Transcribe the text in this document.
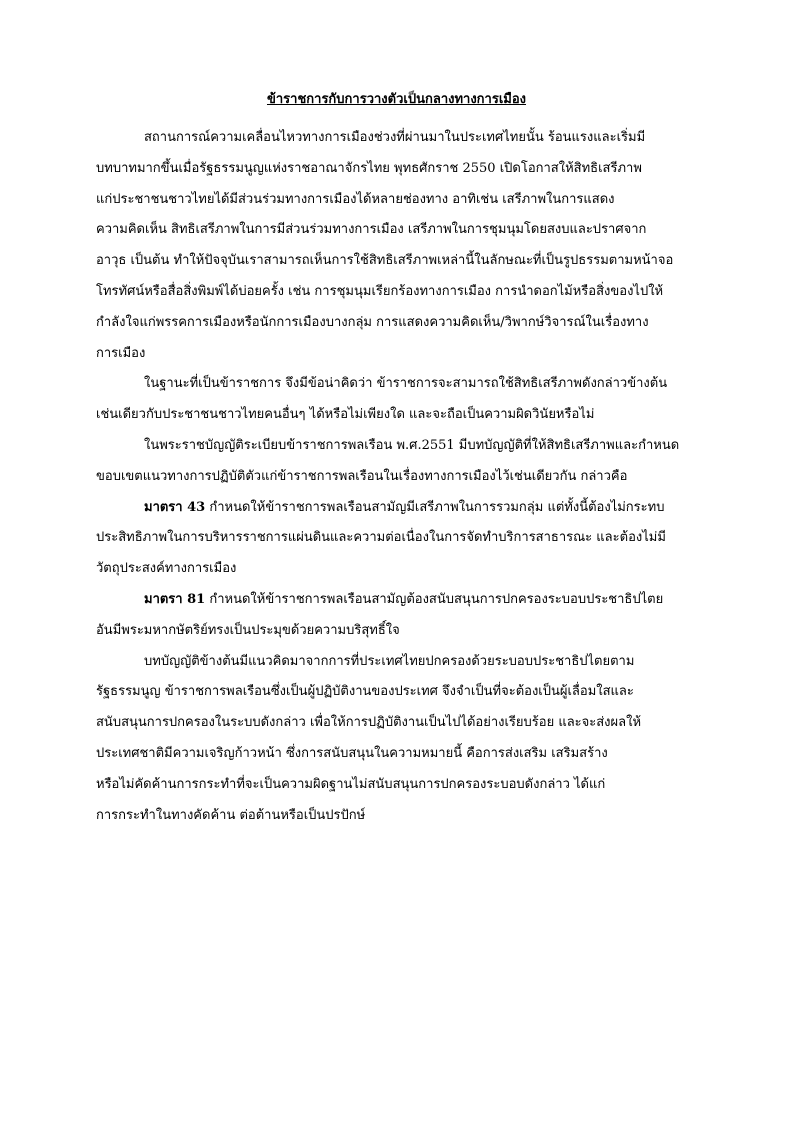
ข้าราชการกับการวางตัวเป็นกลางทางการเมือง
สถานการณ์ความเคลื่อนไหวทางการเมืองช่วงที่ผ่านมาในประเทศไทยนั้น ร้อนแรงและเริ่มมี
บทบาทมากขึ้นเมื่อรัฐธรรมนูญแห่งราชอาณาจักรไทย พุทธศักราช 2550 เปิดโอกาสให้สิทธิเสรีภาพ
แก่ประชาชนชาวไทยได้มีส่วนร่วมทางการเมืองได้หลายช่องทาง อาทิเช่น เสรีภาพในการแสดง
ความคิดเห็น สิทธิเสรีภาพในการมีส่วนร่วมทางการเมือง เสรีภาพในการชุมนุมโดยสงบและปราศจาก
อาวุธ เป็นต้น ทำให้ปัจจุบันเราสามารถเห็นการใช้สิทธิเสรีภาพเหล่านี้ในลักษณะที่เป็นรูปธรรมตามหน้าจอ
โทรทัศน์หรือสื่อสิ่งพิมพ์ได้บ่อยครั้ง เช่น การชุมนุมเรียกร้องทางการเมือง การนำดอกไม้หรือสิ่งของไปให้
กำลังใจแก่พรรคการเมืองหรือนักการเมืองบางกลุ่ม การแสดงความคิดเห็น/วิพากษ์วิจารณ์ในเรื่องทาง
การเมือง
ในฐานะที่เป็นข้าราชการ จึงมีข้อน่าคิดว่า ข้าราชการจะสามารถใช้สิทธิเสรีภาพดังกล่าวข้างต้น
เช่นเดียวกับประชาชนชาวไทยคนอื่นๆ ได้หรือไม่เพียงใด และจะถือเป็นความผิดวินัยหรือไม่
ในพระราชบัญญัติระเบียบข้าราชการพลเรือน พ.ศ.2551 มีบทบัญญัติที่ให้สิทธิเสรีภาพและกำหนด
ขอบเขตแนวทางการปฏิบัติตัวแก่ข้าราชการพลเรือนในเรื่องทางการเมืองไว้เช่นเดียวกัน กล่าวคือ
มาตรา 43 กำหนดให้ข้าราชการพลเรือนสามัญมีเสรีภาพในการรวมกลุ่ม แต่ทั้งนี้ต้องไม่กระทบ
ประสิทธิภาพในการบริหารราชการแผ่นดินและความต่อเนื่องในการจัดทำบริการสาธารณะ และต้องไม่มี
วัตถุประสงค์ทางการเมือง
มาตรา 81 กำหนดให้ข้าราชการพลเรือนสามัญต้องสนับสนุนการปกครองระบอบประชาธิปไตย
อันมีพระมหากษัตริย์ทรงเป็นประมุขด้วยความบริสุทธิ์ใจ
บทบัญญัติข้างต้นมีแนวคิดมาจากการที่ประเทศไทยปกครองด้วยระบอบประชาธิปไตยตาม
รัฐธรรมนูญ ข้าราชการพลเรือนซึ่งเป็นผู้ปฏิบัติงานของประเทศ จึงจำเป็นที่จะต้องเป็นผู้เลื่อมใสและ
สนับสนุนการปกครองในระบบดังกล่าว เพื่อให้การปฏิบัติงานเป็นไปได้อย่างเรียบร้อย และจะส่งผลให้
ประเทศชาติมีความเจริญก้าวหน้า ซึ่งการสนับสนุนในความหมายนี้ คือการส่งเสริม เสริมสร้าง
หรือไม่คัดค้านการกระทำที่จะเป็นความผิดฐานไม่สนับสนุนการปกครองระบอบดังกล่าว ได้แก่
การกระทำในทางคัดค้าน ต่อต้านหรือเป็นปรปักษ์
